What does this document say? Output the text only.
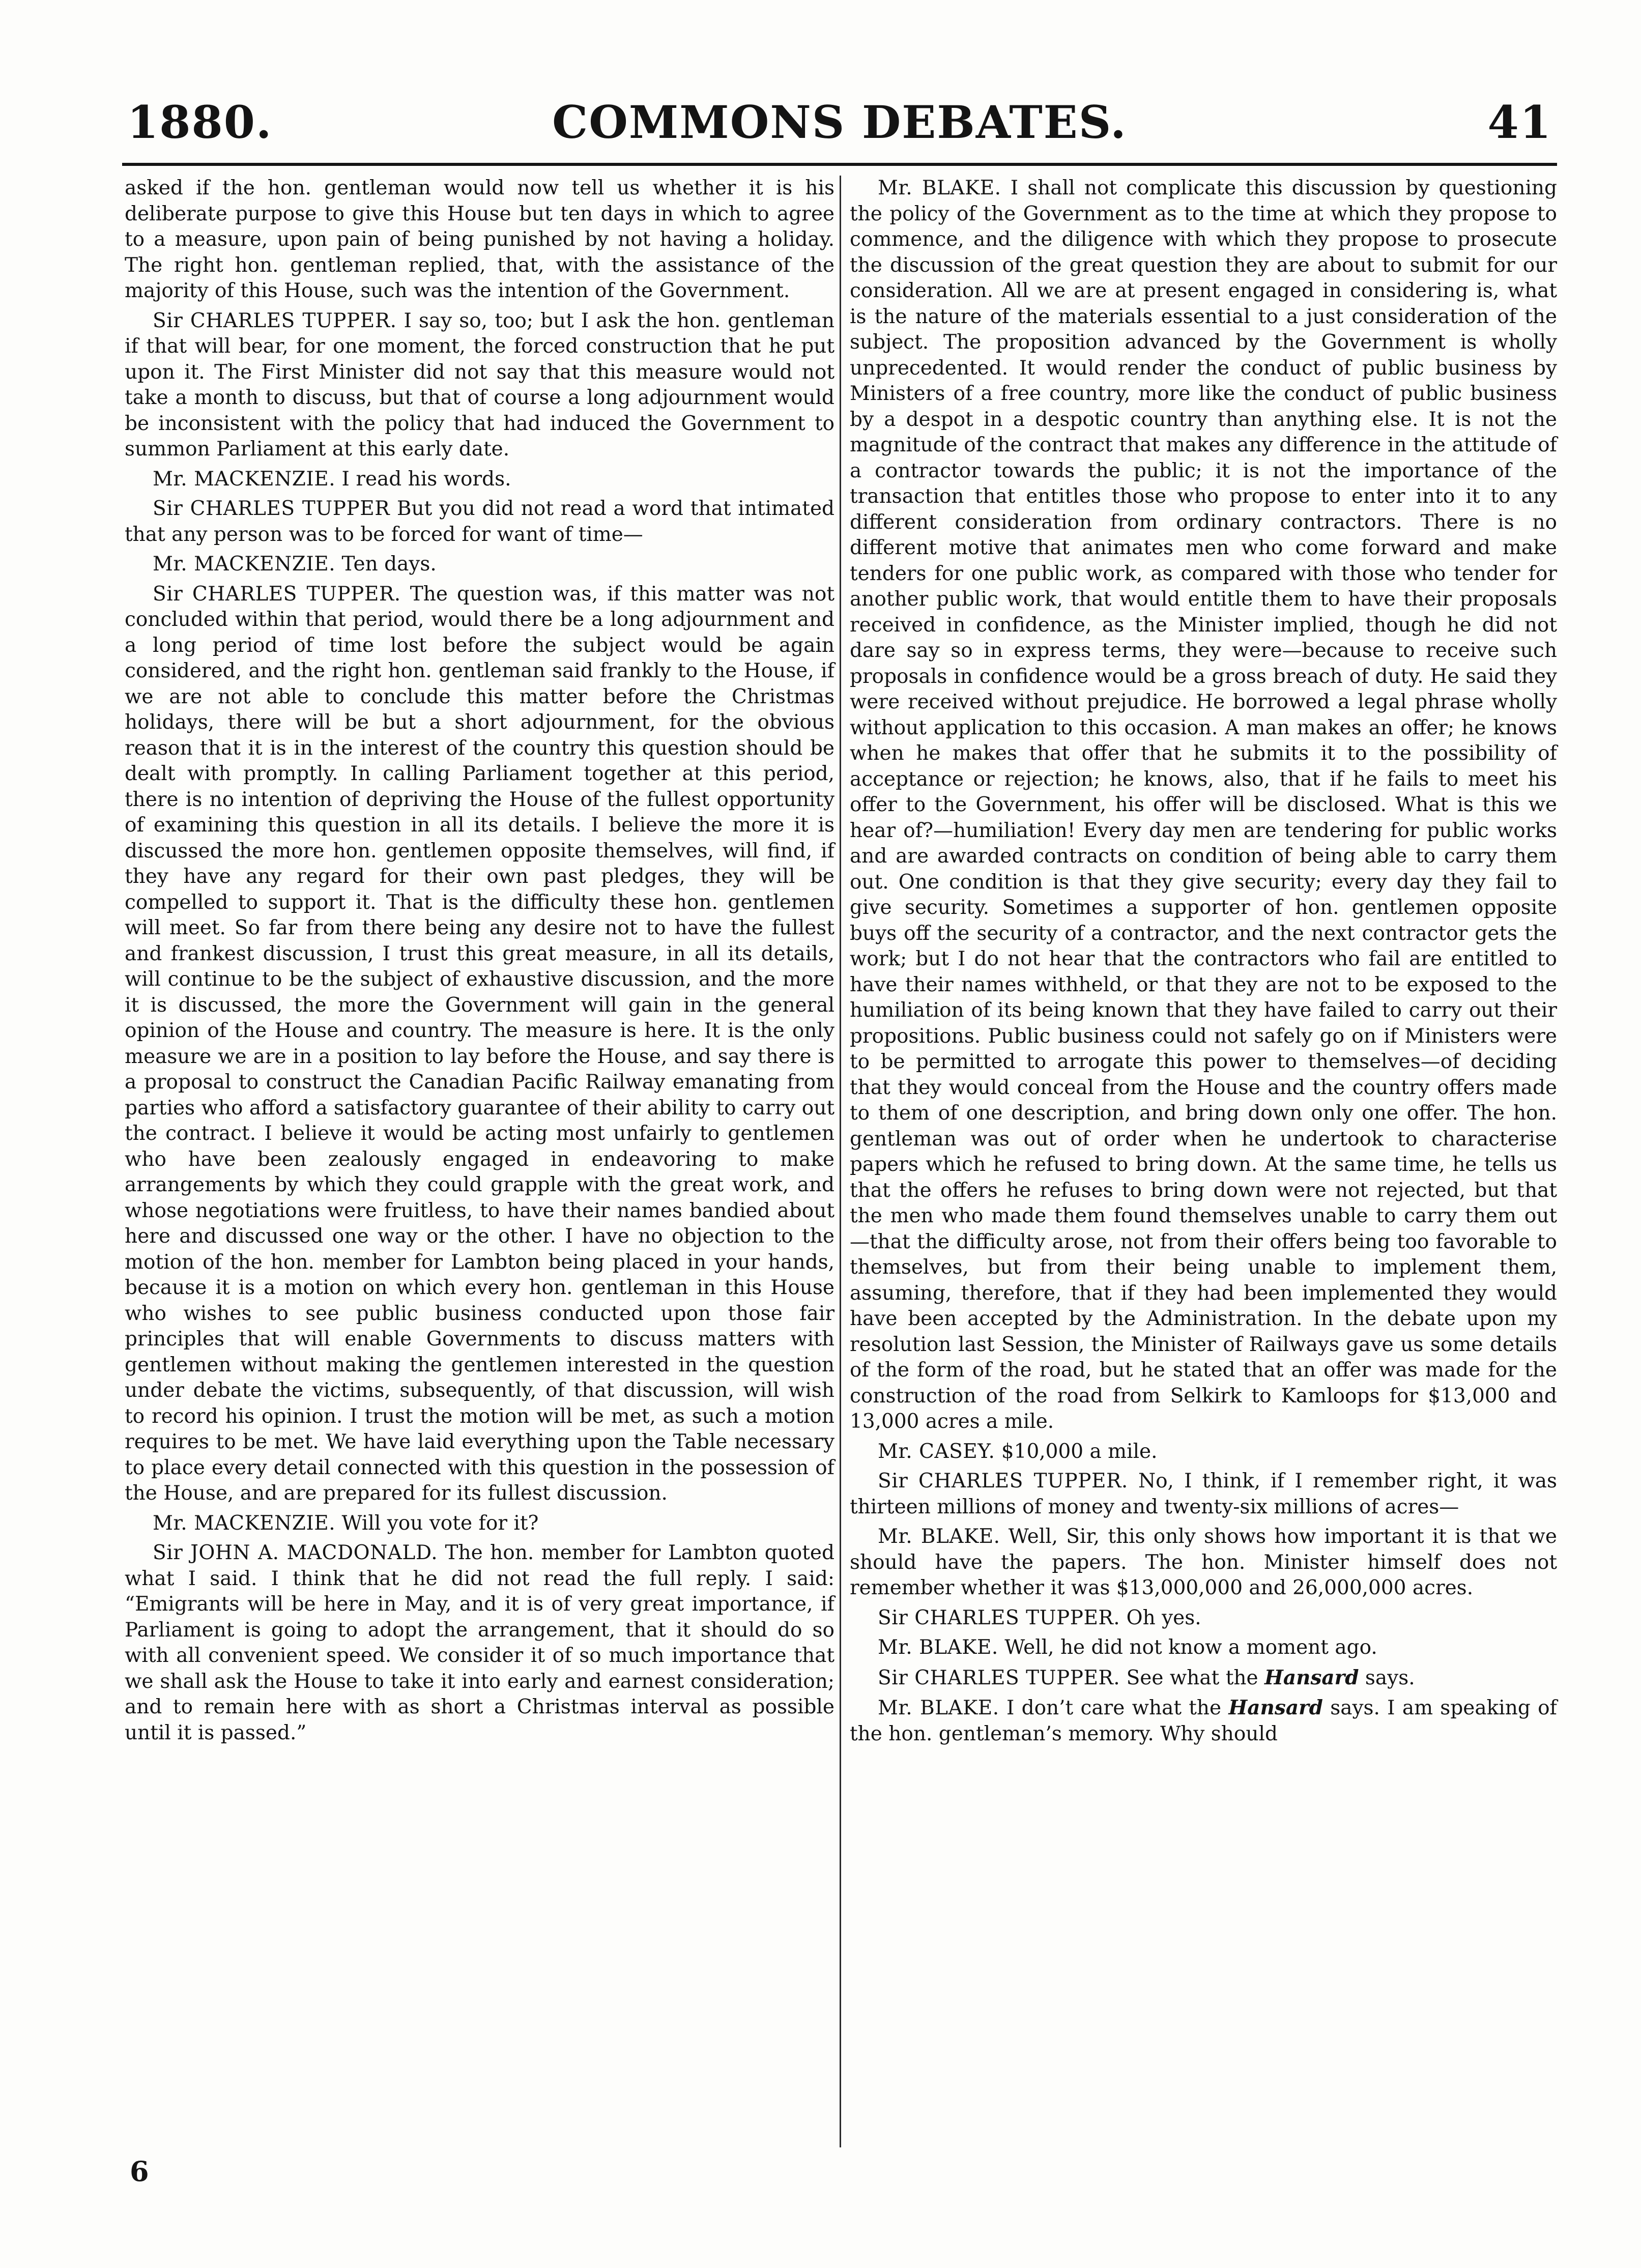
1880.	COMMONS DEBATES.	41

asked if the hon. gentleman would now tell us whether it is his deliberate purpose to give this House but ten days in which to agree to a measure, upon pain of being punished by not having a holiday. The right hon. gentleman replied, that, with the assistance of the majority of this House, such was the intention of the Government.

Sir CHARLES TUPPER. I say so, too; but I ask the hon. gentleman if that will bear, for one moment, the forced construction that he put upon it. The First Minister did not say that this measure would not take a month to discuss, but that of course a long adjournment would be inconsistent with the policy that had induced the Government to summon Parliament at this early date.

Mr. MACKENZIE. I read his words.

Sir CHARLES TUPPER But you did not read a word that intimated that any person was to be forced for want of time—

Mr. MACKENZIE. Ten days.

Sir CHARLES TUPPER. The question was, if this matter was not concluded within that period, would there be a long adjournment and a long period of time lost before the subject would be again considered, and the right hon. gentleman said frankly to the House, if we are not able to conclude this matter before the Christmas holidays, there will be but a short adjournment, for the obvious reason that it is in the interest of the country this question should be dealt with promptly. In calling Parliament together at this period, there is no intention of depriving the House of the fullest opportunity of examining this question in all its details. I believe the more it is discussed the more hon. gentlemen opposite themselves, will find, if they have any regard for their own past pledges, they will be compelled to support it. That is the difficulty these hon. gentlemen will meet. So far from there being any desire not to have the fullest and frankest discussion, I trust this great measure, in all its details, will continue to be the subject of exhaustive discussion, and the more it is discussed, the more the Government will gain in the general opinion of the House and country. The measure is here. It is the only measure we are in a position to lay before the House, and say there is a proposal to construct the Canadian Pacific Railway emanating from parties who afford a satisfactory guarantee of their ability to carry out the contract. I believe it would be acting most unfairly to gentlemen who have been zealously engaged in endeavoring to make arrangements by which they could grapple with the great work, and whose negotiations were fruitless, to have their names bandied about here and discussed one way or the other. I have no objection to the motion of the hon. member for Lambton being placed in your hands, because it is a motion on which every hon. gentleman in this House who wishes to see public business conducted upon those fair principles that will enable Governments to discuss matters with gentlemen without making the gentlemen interested in the question under debate the victims, subsequently, of that discussion, will wish to record his opinion. I trust the motion will be met, as such a motion requires to be met. We have laid everything upon the Table necessary to place every detail connected with this question in the possession of the House, and are prepared for its fullest discussion.

Mr. MACKENZIE. Will you vote for it?

Sir JOHN A. MACDONALD. The hon. member for Lambton quoted what I said. I think that he did not read the full reply. I said: “Emigrants will be here in May, and it is of very great importance, if Parliament is going to adopt the arrangement, that it should do so with all convenient speed. We consider it of so much importance that we shall ask the House to take it into early and earnest consideration; and to remain here with as short a Christmas interval as possible until it is passed.”

Mr. BLAKE. I shall not complicate this discussion by questioning the policy of the Government as to the time at which they propose to commence, and the diligence with which they propose to prosecute the discussion of the great question they are about to submit for our consideration. All we are at present engaged in considering is, what is the nature of the materials essential to a just consideration of the subject. The proposition advanced by the Government is wholly unprecedented. It would render the conduct of public business by Ministers of a free country, more like the conduct of public business by a despot in a despotic country than anything else. It is not the magnitude of the contract that makes any difference in the attitude of a contractor towards the public; it is not the importance of the transaction that entitles those who propose to enter into it to any different consideration from ordinary contractors. There is no different motive that animates men who come forward and make tenders for one public work, as compared with those who tender for another public work, that would entitle them to have their proposals received in confidence, as the Minister implied, though he did not dare say so in express terms, they were—because to receive such proposals in confidence would be a gross breach of duty. He said they were received without prejudice. He borrowed a legal phrase wholly without application to this occasion. A man makes an offer; he knows when he makes that offer that he submits it to the possibility of acceptance or rejection; he knows, also, that if he fails to meet his offer to the Government, his offer will be disclosed. What is this we hear of?—humiliation! Every day men are tendering for public works and are awarded contracts on condition of being able to carry them out. One condition is that they give security; every day they fail to give security. Sometimes a supporter of hon. gentlemen opposite buys off the security of a contractor, and the next contractor gets the work; but I do not hear that the contractors who fail are entitled to have their names withheld, or that they are not to be exposed to the humiliation of its being known that they have failed to carry out their propositions. Public business could not safely go on if Ministers were to be permitted to arrogate this power to themselves—of deciding that they would conceal from the House and the country offers made to them of one description, and bring down only one offer. The hon. gentleman was out of order when he undertook to characterise papers which he refused to bring down. At the same time, he tells us that the offers he refuses to bring down were not rejected, but that the men who made them found themselves unable to carry them out—that the difficulty arose, not from their offers being too favorable to themselves, but from their being unable to implement them, assuming, therefore, that if they had been implemented they would have been accepted by the Administration. In the debate upon my resolution last Session, the Minister of Railways gave us some details of the form of the road, but he stated that an offer was made for the construction of the road from Selkirk to Kamloops for $13,000 and 13,000 acres a mile.

Mr. CASEY. $10,000 a mile.

Sir CHARLES TUPPER. No, I think, if I remember right, it was thirteen millions of money and twenty-six millions of acres—

Mr. BLAKE. Well, Sir, this only shows how important it is that we should have the papers. The hon. Minister himself does not remember whether it was $13,000,000 and 26,000,000 acres.

Sir CHARLES TUPPER. Oh yes.

Mr. BLAKE. Well, he did not know a moment ago.

Sir CHARLES TUPPER. See what the Hansard says.

Mr. BLAKE. I don’t care what the Hansard says. I am speaking of the hon. gentleman’s memory. Why should

6
